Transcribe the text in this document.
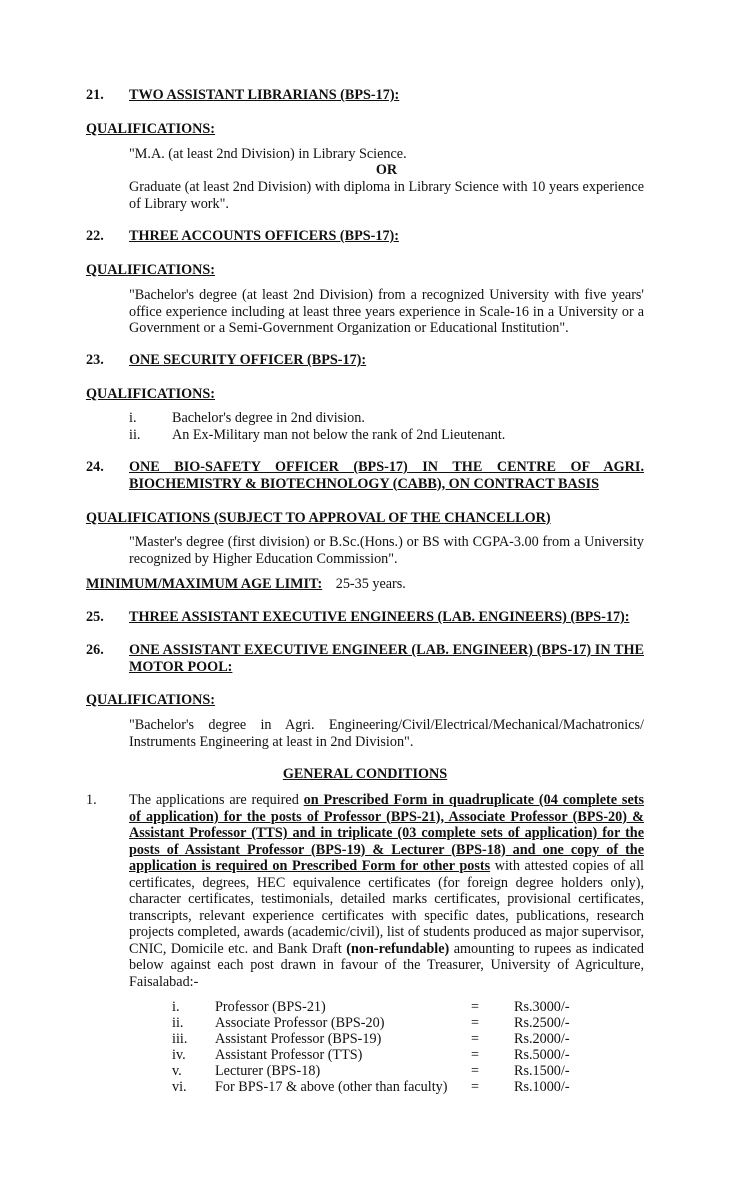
21. TWO ASSISTANT LIBRARIANS (BPS-17):
QUALIFICATIONS:
"M.A. (at least 2nd Division) in Library Science.
OR
Graduate (at least 2nd Division) with diploma in Library Science with 10 years experience of Library work".
22. THREE ACCOUNTS OFFICERS (BPS-17):
QUALIFICATIONS:
"Bachelor's degree (at least 2nd Division) from a recognized University with five years' office experience including at least three years experience in Scale-16 in a University or a Government or a Semi-Government Organization or Educational Institution".
23. ONE SECURITY OFFICER (BPS-17):
QUALIFICATIONS:
i.	Bachelor's degree in 2nd division.
ii. An Ex-Military man not below the rank of 2nd Lieutenant.
24. ONE BIO-SAFETY OFFICER (BPS-17) IN THE CENTRE OF AGRI. BIOCHEMISTRY & BIOTECHNOLOGY (CABB), ON CONTRACT BASIS
QUALIFICATIONS (SUBJECT TO APPROVAL OF THE CHANCELLOR)
"Master's degree (first division) or B.Sc.(Hons.) or BS with CGPA-3.00 from a University recognized by Higher Education Commission".
MINIMUM/MAXIMUM AGE LIMIT: 25-35 years.
25. THREE ASSISTANT EXECUTIVE ENGINEERS (LAB. ENGINEERS) (BPS-17):
26. ONE ASSISTANT EXECUTIVE ENGINEER (LAB. ENGINEER) (BPS-17) IN THE MOTOR POOL:
QUALIFICATIONS:
"Bachelor's degree in Agri. Engineering/Civil/Electrical/Mechanical/Machatronics/ Instruments Engineering at least in 2nd Division".
GENERAL CONDITIONS
1. The applications are required on Prescribed Form in quadruplicate (04 complete sets of application) for the posts of Professor (BPS-21), Associate Professor (BPS-20) & Assistant Professor (TTS) and in triplicate (03 complete sets of application) for the posts of Assistant Professor (BPS-19) & Lecturer (BPS-18) and one copy of the application is required on Prescribed Form for other posts with attested copies of all certificates, degrees, HEC equivalence certificates (for foreign degree holders only), character certificates, testimonials, detailed marks certificates, provisional certificates, transcripts, relevant experience certificates with specific dates, publications, research projects completed, awards (academic/civil), list of students produced as major supervisor, CNIC, Domicile etc. and Bank Draft (non-refundable) amounting to rupees as indicated below against each post drawn in favour of the Treasurer, University of Agriculture, Faisalabad:-
i.	Professor (BPS-21)	= Rs.3000/-
ii. Associate Professor (BPS-20)	= Rs.2500/-
iii. Assistant Professor (BPS-19)	= Rs.2000/-
iv. Assistant Professor (TTS)	= Rs.5000/-
v. Lecturer (BPS-18)	= Rs.1500/-
vi. For BPS-17 & above (other than faculty) = Rs.1000/-
